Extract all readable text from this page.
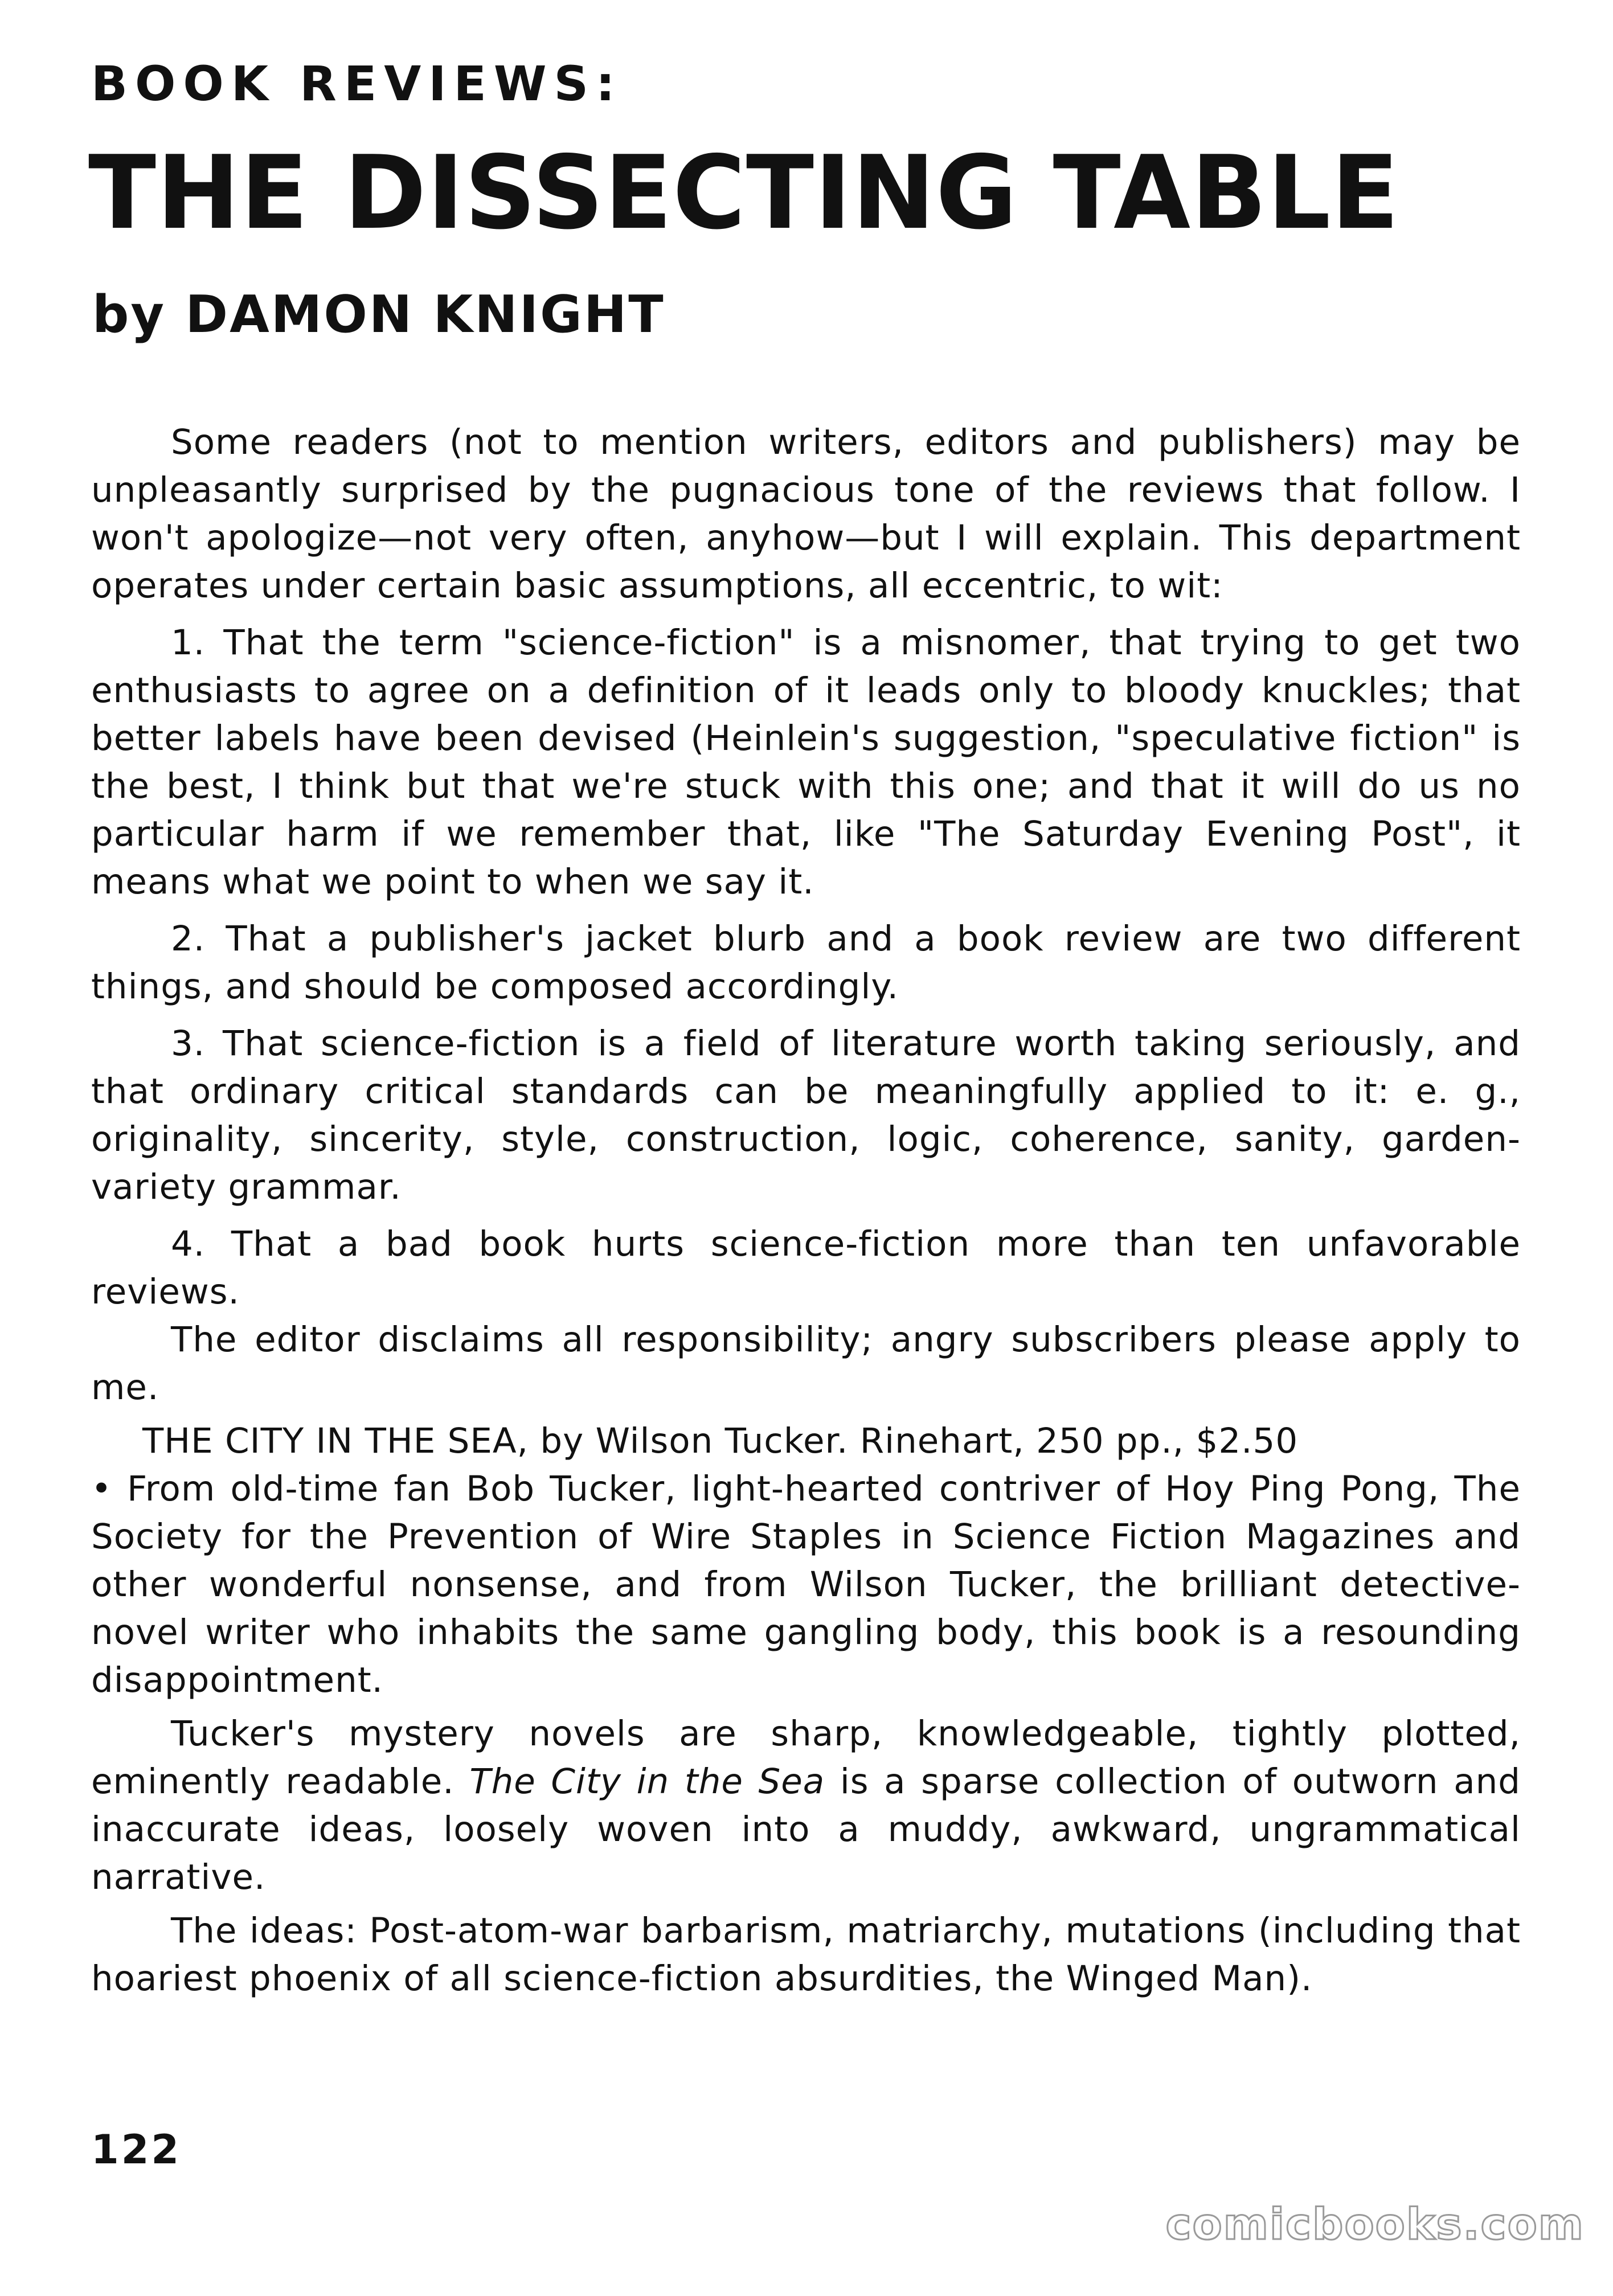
BOOK REVIEWS:
THE DISSECTING TABLE
by DAMON KNIGHT

Some readers (not to mention writers, editors and publishers) may be unpleasantly surprised by the pugnacious tone of the reviews that follow. I won't apologize—not very often, anyhow—but I will explain. This department operates under certain basic assumptions, all eccentric, to wit:

1. That the term "science-fiction" is a misnomer, that trying to get two enthusiasts to agree on a definition of it leads only to bloody knuckles; that better labels have been devised (Heinlein's suggestion, "speculative fiction" is the best, I think but that we're stuck with this one; and that it will do us no particular harm if we remember that, like "The Saturday Evening Post", it means what we point to when we say it.

2. That a publisher's jacket blurb and a book review are two different things, and should be composed accordingly.

3. That science-fiction is a field of literature worth taking seriously, and that ordinary critical standards can be meaningfully applied to it: e. g., originality, sincerity, style, construction, logic, coherence, sanity, garden-variety grammar.

4. That a bad book hurts science-fiction more than ten unfavorable reviews.

The editor disclaims all responsibility; angry subscribers please apply to me.

THE CITY IN THE SEA, by Wilson Tucker. Rinehart, 250 pp., $2.50

• From old-time fan Bob Tucker, light-hearted contriver of Hoy Ping Pong, The Society for the Prevention of Wire Staples in Science Fiction Magazines and other wonderful nonsense, and from Wilson Tucker, the brilliant detective-novel writer who inhabits the same gangling body, this book is a resounding disappointment.

Tucker's mystery novels are sharp, knowledgeable, tightly plotted, eminently readable. The City in the Sea is a sparse collection of outworn and inaccurate ideas, loosely woven into a muddy, awkward, ungrammatical narrative.

The ideas: Post-atom-war barbarism, matriarchy, mutations (including that hoariest phoenix of all science-fiction absurdities, the Winged Man).

122
comicbooks.com
